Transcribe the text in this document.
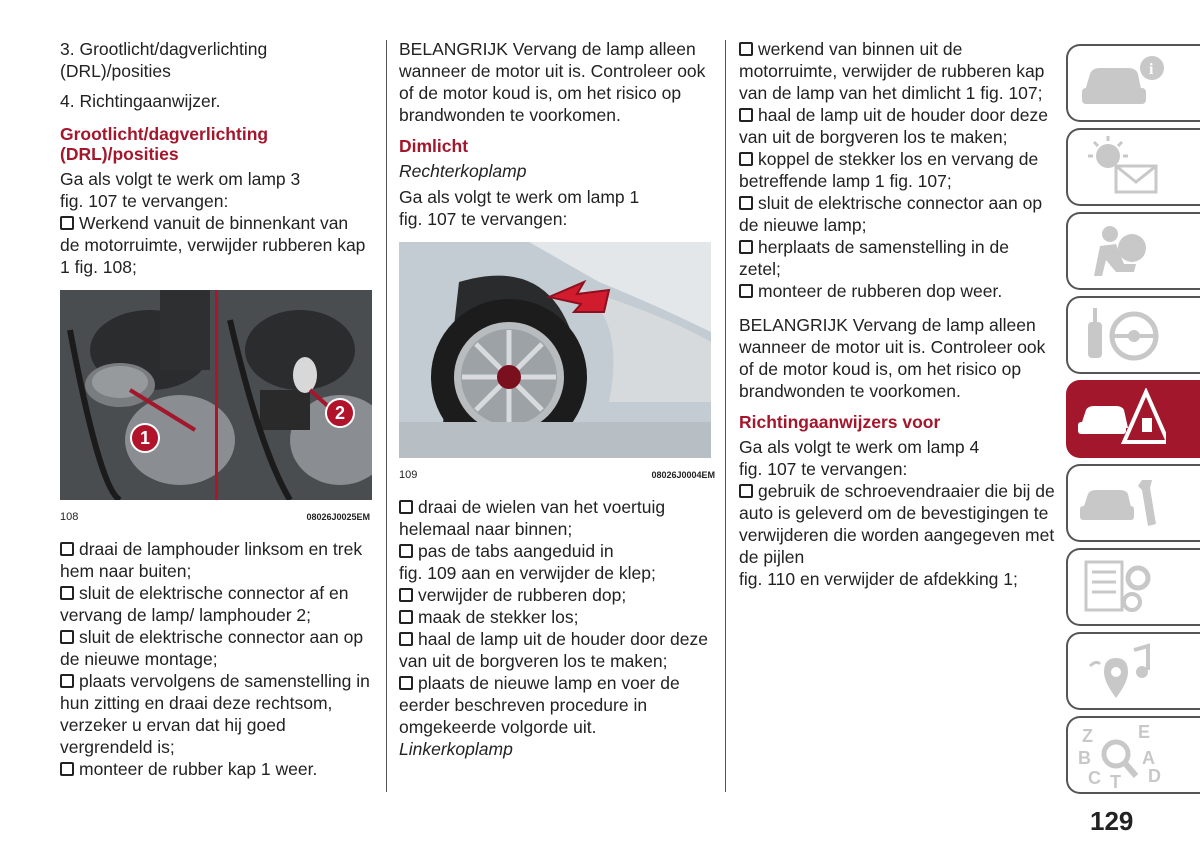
3. Grootlicht/dagverlichting

(DRL)/posities

4. Richtingaanwijzer.

Grootlicht/dagverlichting (DRL)/posities

Ga als volgt te werk om lamp 3

fig. 107 te vervangen:

Werkend vanuit de binnenkant van de motorruimte, verwijder rubberen kap 1 fig. 108;

1
2
108	08026J0025EM

draai de lamphouder linksom en trek hem naar buiten;

sluit de elektrische connector af en vervang de lamp/ lamphouder 2;

sluit de elektrische connector aan op de nieuwe montage;

plaats vervolgens de samenstelling in hun zitting en draai deze rechtsom, verzeker u ervan dat hij goed vergrendeld is;

monteer de rubber kap 1 weer.

BELANGRIJK Vervang de lamp alleen wanneer de motor uit is. Controleer ook of de motor koud is, om het risico op brandwonden te voorkomen.

Dimlicht

Rechterkoplamp

Ga als volgt te werk om lamp 1

fig. 107 te vervangen:

109	08026J0004EM

draai de wielen van het voertuig helemaal naar binnen;

pas de tabs aangeduid in

fig. 109 aan en verwijder de klep;

verwijder de rubberen dop;

maak de stekker los;

haal de lamp uit de houder door deze van uit de borgveren los te maken;

plaats de nieuwe lamp en voer de eerder beschreven procedure in omgekeerde volgorde uit.

Linkerkoplamp

werkend van binnen uit de motorruimte, verwijder de rubberen kap van de lamp van het dimlicht 1 fig. 107;

haal de lamp uit de houder door deze van uit de borgveren los te maken;

koppel de stekker los en vervang de betreffende lamp 1 fig. 107;

sluit de elektrische connector aan op de nieuwe lamp;

herplaats de samenstelling in de zetel;

monteer de rubberen dop weer.

BELANGRIJK Vervang de lamp alleen wanneer de motor uit is. Controleer ook of de motor koud is, om het risico op brandwonden te voorkomen.

Richtingaanwijzers voor

Ga als volgt te werk om lamp 4

fig. 107 te vervangen:

gebruik de schroevendraaier die bij de auto is geleverd om de bevestigingen te verwijderen die worden aangegeven met de pijlen

fig. 110 en verwijder de afdekking 1;

i
Z	E
B	A
C T D
129
